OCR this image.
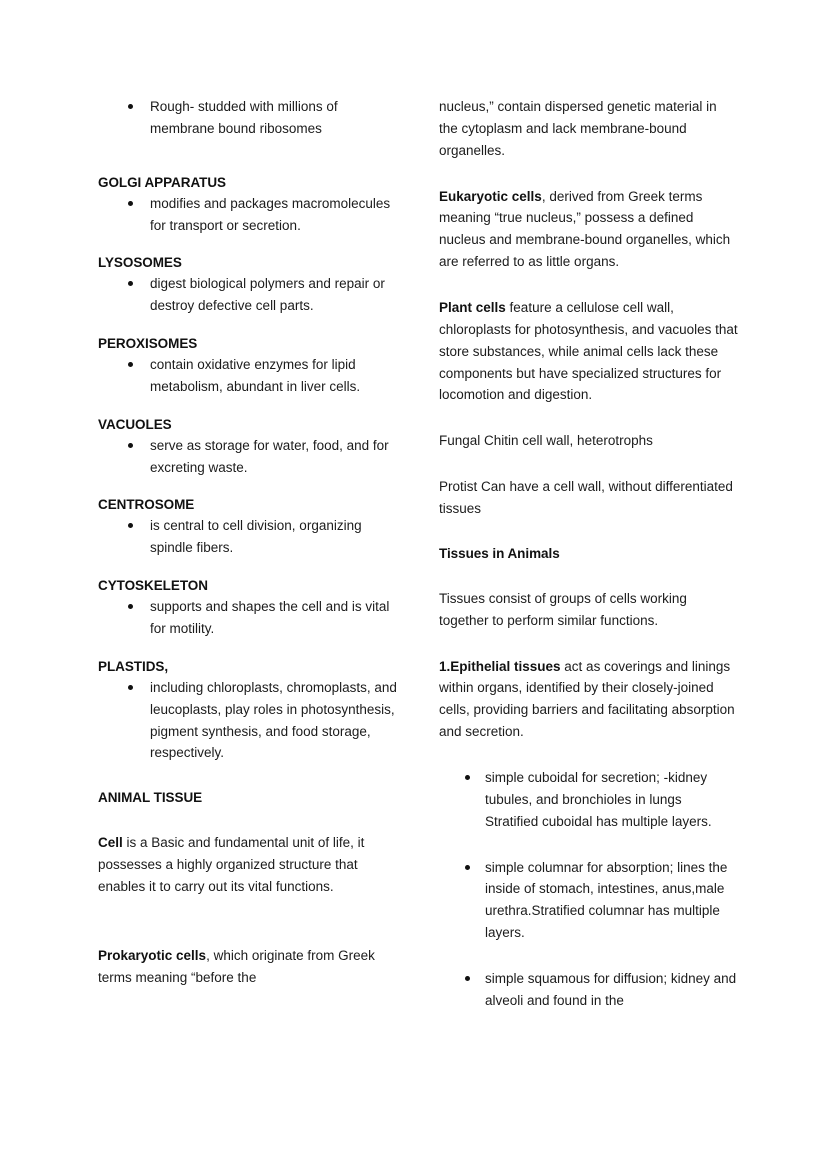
Rough- studded with millions of membrane bound ribosomes
GOLGI APPARATUS
modifies and packages macromolecules for transport or secretion.
LYSOSOMES
digest biological polymers and repair or destroy defective cell parts.
PEROXISOMES
contain oxidative enzymes for lipid metabolism, abundant in liver cells.
VACUOLES
serve as storage for water, food, and for excreting waste.
CENTROSOME
is central to cell division, organizing spindle fibers.
CYTOSKELETON
supports and shapes the cell and is vital for motility.
PLASTIDS,
including chloroplasts, chromoplasts, and leucoplasts, play roles in photosynthesis, pigment synthesis, and food storage, respectively.
ANIMAL TISSUE

Cell is a Basic and fundamental unit of life, it possesses a highly organized structure that enables it to carry out its vital functions.

Prokaryotic cells, which originate from Greek terms meaning “before the

nucleus,” contain dispersed genetic material in the cytoplasm and lack membrane-bound organelles.

Eukaryotic cells, derived from Greek terms meaning “true nucleus,” possess a defined nucleus and membrane-bound organelles, which are referred to as little organs.

Plant cells feature a cellulose cell wall, chloroplasts for photosynthesis, and vacuoles that store substances, while animal cells lack these components but have specialized structures for locomotion and digestion.

Fungal Chitin cell wall, heterotrophs

Protist Can have a cell wall, without differentiated tissues

Tissues in Animals

Tissues consist of groups of cells working together to perform similar functions.

1.Epithelial tissues act as coverings and linings within organs, identified by their closely-joined cells, providing barriers and facilitating absorption and secretion.

simple cuboidal for secretion; -kidney tubules, and bronchioles in lungs Stratified cuboidal has multiple layers.
simple columnar for absorption; lines the inside of stomach, intestines, anus,male urethra.Stratified columnar has multiple layers.
simple squamous for diffusion; kidney and alveoli and found in the
